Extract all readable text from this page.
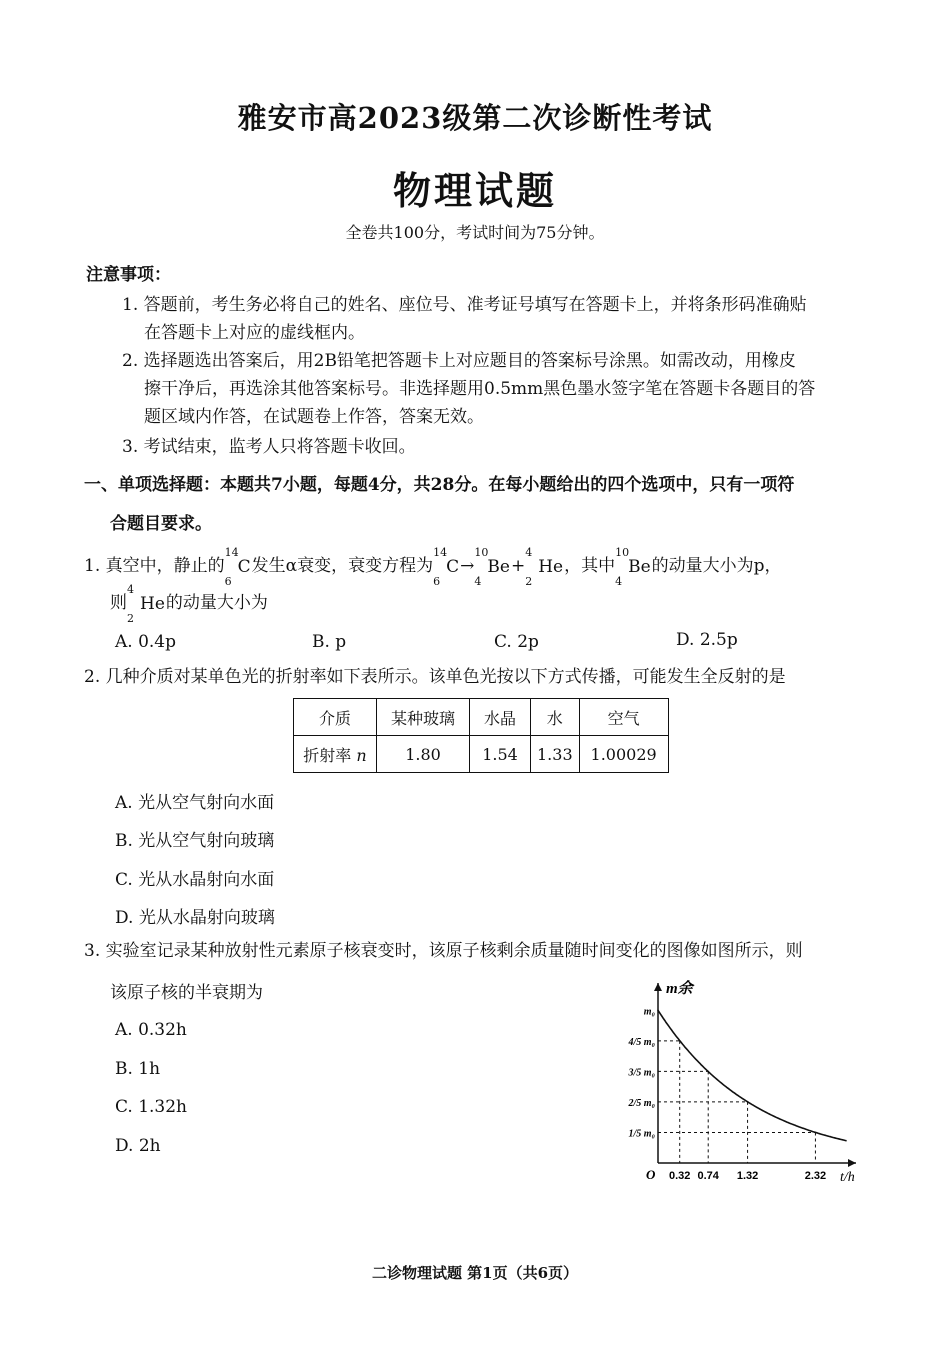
雅安市高2023级第二次诊断性考试
物理试题
全卷共100分，考试时间为75分钟。
注意事项：
1. 答题前，考生务必将自己的姓名、座位号、准考证号填写在答题卡上，并将条形码准确贴
在答题卡上对应的虚线框内。
2. 选择题选出答案后，用2B铅笔把答题卡上对应题目的答案标号涂黑。如需改动，用橡皮
擦干净后，再选涂其他答案标号。非选择题用0.5mm黑色墨水签字笔在答题卡各题目的答
题区域内作答，在试题卷上作答，答案无效。
3. 考试结束，监考人只将答题卡收回。
一、单项选择题：本题共7小题，每题4分，共28分。在每小题给出的四个选项中，只有一项符
合题目要求。
1. 真空中，静止的
14
6
C发生α衰变，衰变方程为
14
6
C→
10
4
Be+
4
2
He，其中
10
4
Be的动量大小为p，
则
4
2
He的动量大小为
A. 0.4p	B. p	C. 2p	D. 2.5p
2. 几种介质对某单色光的折射率如下表所示。该单色光按以下方式传播，可能发生全反射的是
介质	某种玻璃	水晶	水	空气
折射率 n	1.80	1.54	1.33	1.00029
A. 光从空气射向水面
B. 光从空气射向玻璃
C. 光从水晶射向水面
D. 光从水晶射向玻璃
3. 实验室记录某种放射性元素原子核衰变时，该原子核剩余质量随时间变化的图像如图所示，则
该原子核的半衰期为
A. 0.32h
B. 1h
C. 1.32h
D. 2h
0.32 0.74 1.32	2.32
m₀
4/5 m₀
3/5 m₀
2/5 m₀
1/5 m₀
O	t/h
m余
二诊物理试题 第1页（共6页）
